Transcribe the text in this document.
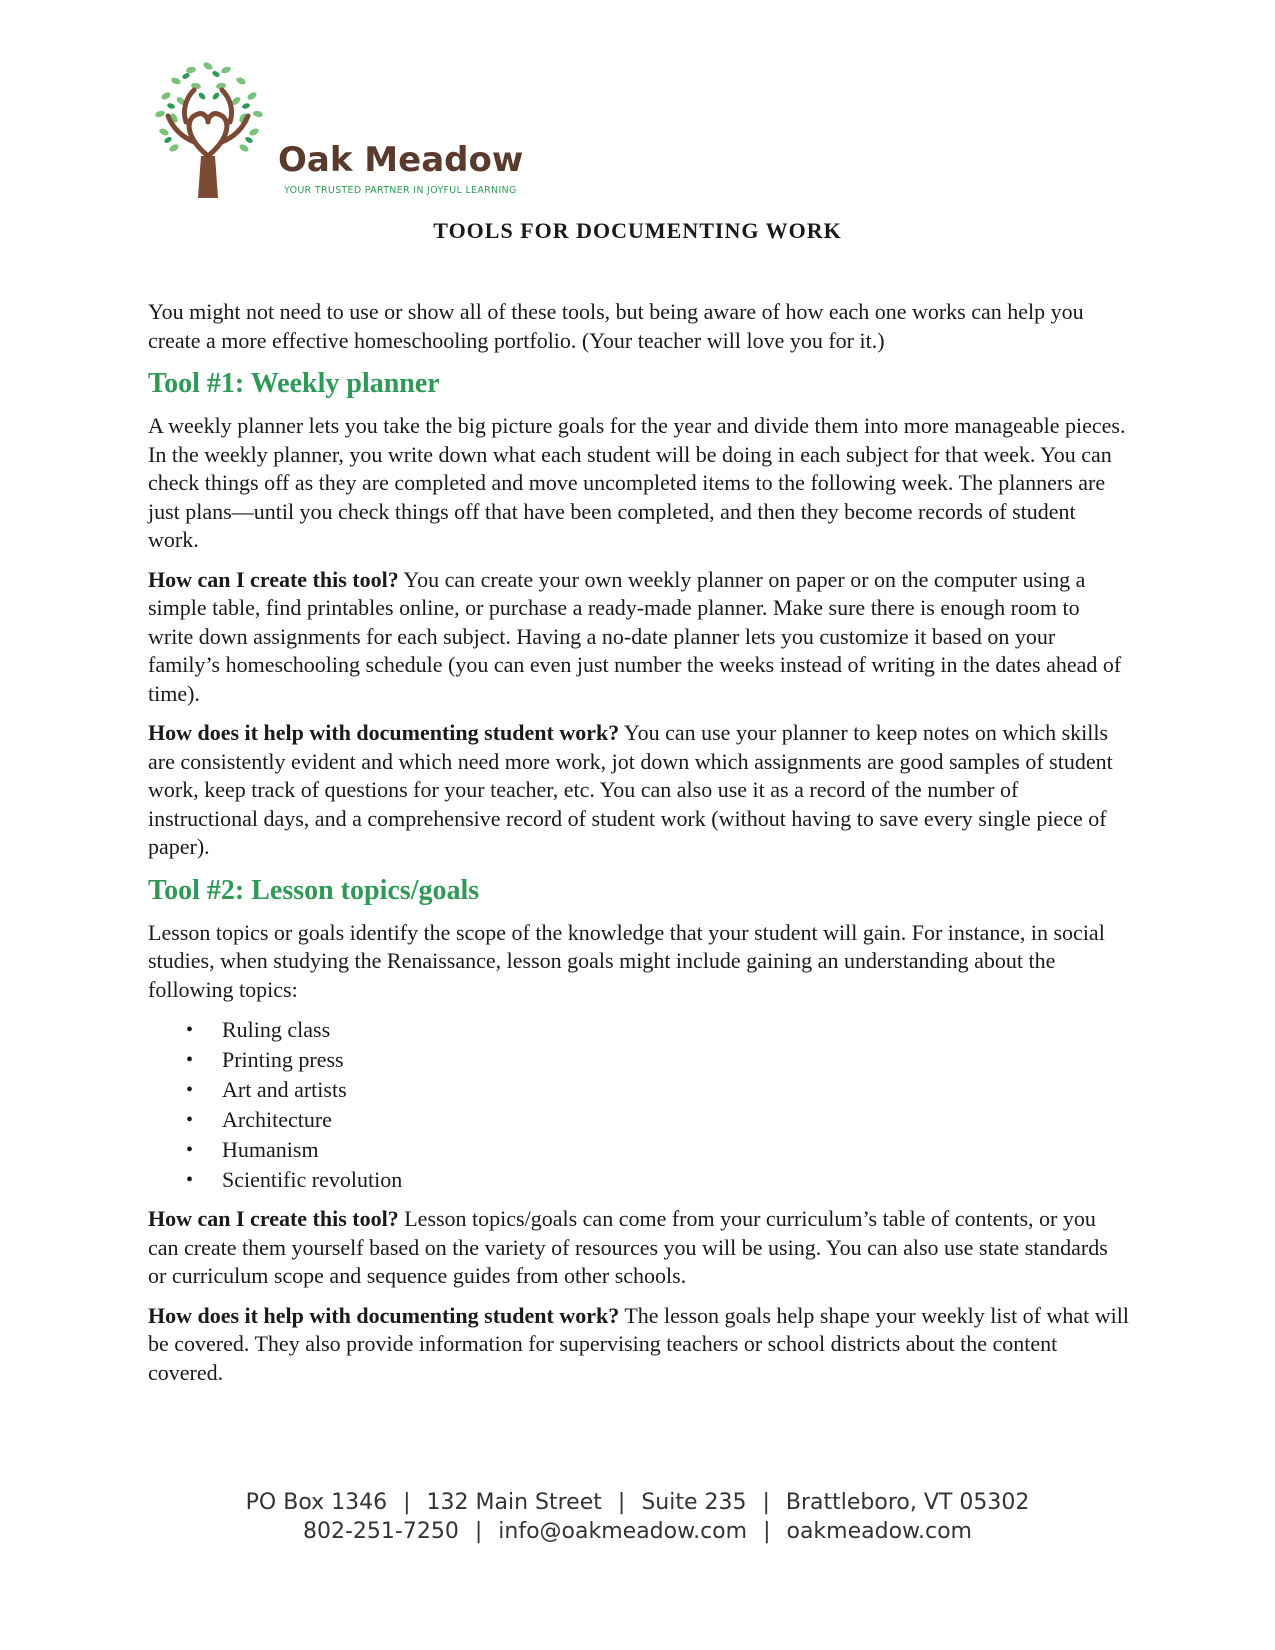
Oak Meadow
YOUR TRUSTED PARTNER IN JOYFUL LEARNING
TOOLS FOR DOCUMENTING WORK

You might not need to use or show all of these tools, but being aware of how each one works can help you create a more effective homeschooling portfolio. (Your teacher will love you for it.)

Tool #1: Weekly planner

A weekly planner lets you take the big picture goals for the year and divide them into more manageable pieces. In the weekly planner, you write down what each student will be doing in each subject for that week. You can check things off as they are completed and move uncompleted items to the following week. The planners are just plans—until you check things off that have been completed, and then they become records of student work.

How can I create this tool? You can create your own weekly planner on paper or on the computer using a simple table, find printables online, or purchase a ready-made planner. Make sure there is enough room to write down assignments for each subject. Having a no-date planner lets you customize it based on your family’s homeschooling schedule (you can even just number the weeks instead of writing in the dates ahead of time).

How does it help with documenting student work? You can use your planner to keep notes on which skills are consistently evident and which need more work, jot down which assignments are good samples of student work, keep track of questions for your teacher, etc. You can also use it as a record of the number of instructional days, and a comprehensive record of student work (without having to save every single piece of paper).

Tool #2: Lesson topics/goals

Lesson topics or goals identify the scope of the knowledge that your student will gain. For instance, in social studies, when studying the Renaissance, lesson goals might include gaining an understanding about the following topics:

• Ruling class
• Printing press
• Art and artists
• Architecture
• Humanism
• Scientific revolution

How can I create this tool? Lesson topics/goals can come from your curriculum’s table of contents, or you can create them yourself based on the variety of resources you will be using. You can also use state standards or curriculum scope and sequence guides from other schools.

How does it help with documenting student work? The lesson goals help shape your weekly list of what will be covered. They also provide information for supervising teachers or school districts about the content covered.

PO Box 1346 | 132 Main Street | Suite 235 | Brattleboro, VT 05302
802-251-7250 | info@oakmeadow.com | oakmeadow.com
